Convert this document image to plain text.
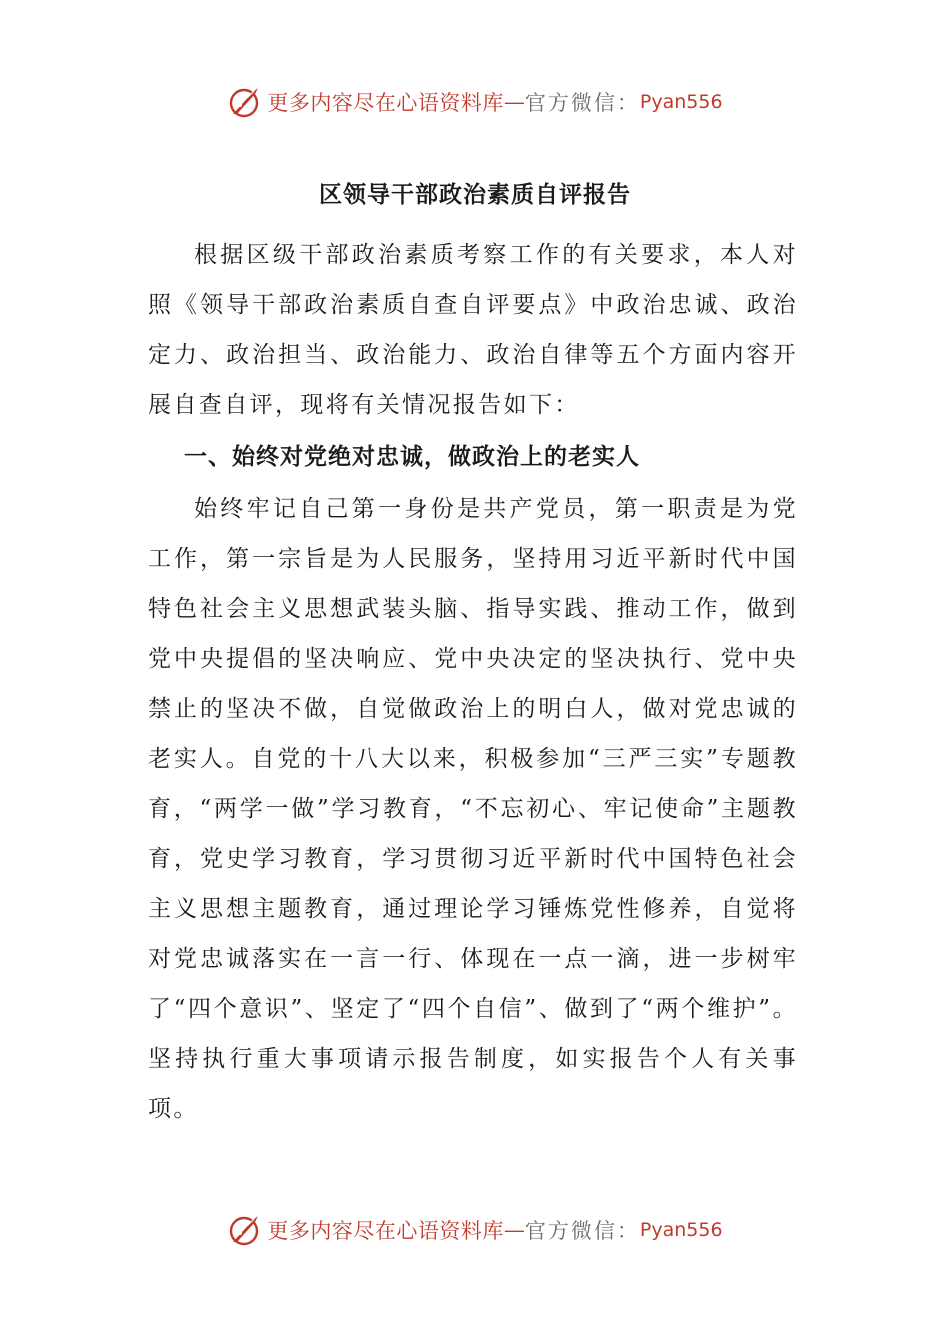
更多内容尽在心语资料库 — 官方微信： Pyan556
区领导干部政治素质自评报告

根据区级干部政治素质考察工作的有关要求，本人对照《领导干部政治素质自查自评要点》中政治忠诚、政治定力、政治担当、政治能力、政治自律等五个方面内容开展自查自评，现将有关情况报告如下：

一、始终对党绝对忠诚，做政治上的老实人

始终牢记自己第一身份是共产党员，第一职责是为党工作，第一宗旨是为人民服务，坚持用习近平新时代中国特色社会主义思想武装头脑、指导实践、推动工作，做到党中央提倡的坚决响应、党中央决定的坚决执行、党中央禁止的坚决不做，自觉做政治上的明白人，做对党忠诚的老实人。自党的十八大以来，积极参加“三严三实”专题教育，“两学一做”学习教育，“不忘初心、牢记使命”主题教育，党史学习教育，学习贯彻习近平新时代中国特色社会主义思想主题教育，通过理论学习锤炼党性修养，自觉将对党忠诚落实在一言一行、体现在一点一滴，进一步树牢了“四个意识”、坚定了“四个自信”、做到了“两个维护”。坚持执行重大事项请示报告制度，如实报告个人有关事项。

更多内容尽在心语资料库 — 官方微信： Pyan556
